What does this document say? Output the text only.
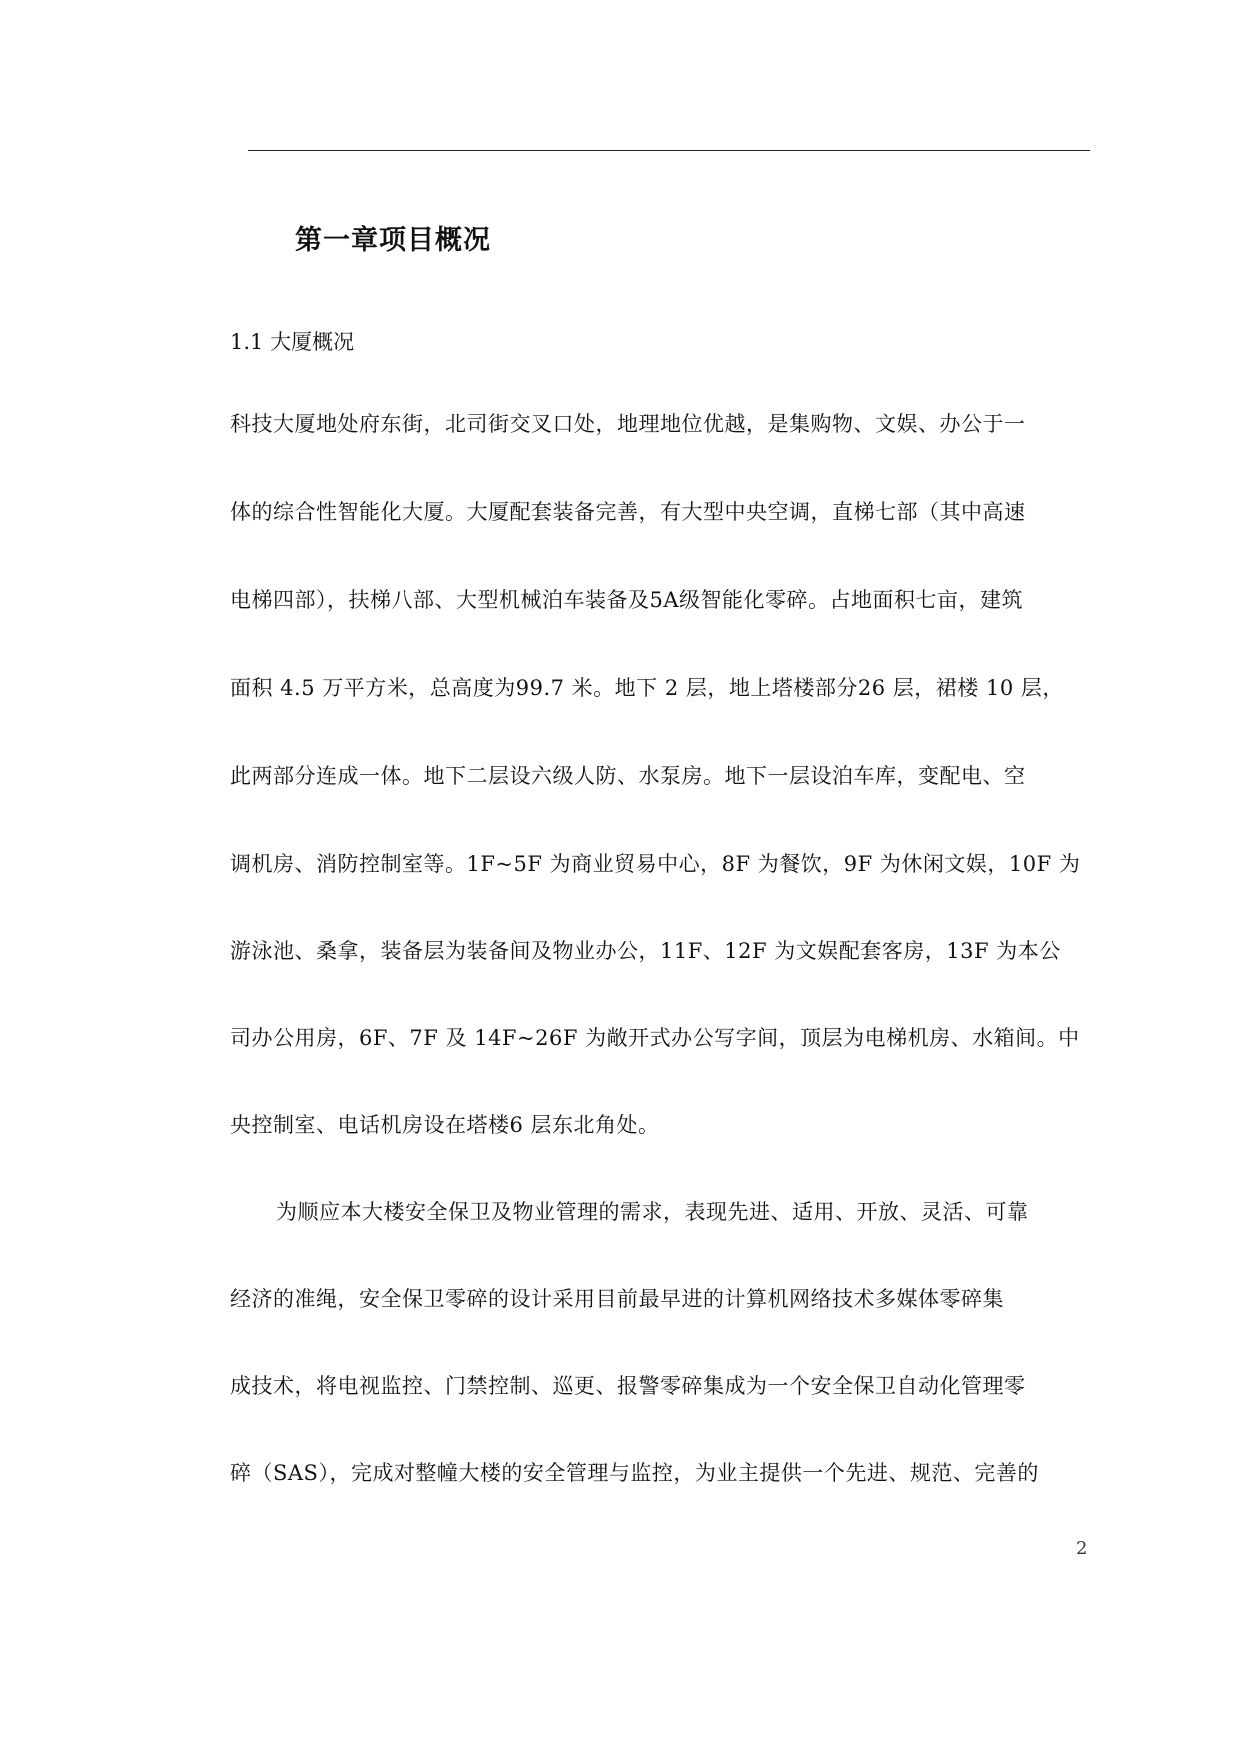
第一章项目概况
1.1 大厦概况
科技大厦地处府东街，北司街交叉口处，地理地位优越，是集购物、文娱、办公于一
体的综合性智能化大厦。大厦配套装备完善，有大型中央空调，直梯七部（其中高速
电梯四部），扶梯八部、大型机械泊车装备及5A级智能化零碎。占地面积七亩，建筑
面积 4.5 万平方米，总高度为99.7 米。地下 2 层，地上塔楼部分26 层，裙楼 10 层，
此两部分连成一体。地下二层设六级人防、水泵房。地下一层设泊车库，变配电、空
调机房、消防控制室等。1F~5F 为商业贸易中心，8F 为餐饮，9F 为休闲文娱，10F 为
游泳池、桑拿，装备层为装备间及物业办公，11F、12F 为文娱配套客房，13F 为本公
司办公用房，6F、7F 及 14F~26F 为敞开式办公写字间，顶层为电梯机房、水箱间。中
央控制室、电话机房设在塔楼6 层东北角处。
为顺应本大楼安全保卫及物业管理的需求，表现先进、适用、开放、灵活、可靠
经济的准绳，安全保卫零碎的设计采用目前最早进的计算机网络技术多媒体零碎集
成技术，将电视监控、门禁控制、巡更、报警零碎集成为一个安全保卫自动化管理零
碎（SAS），完成对整幢大楼的安全管理与监控，为业主提供一个先进、规范、完善的
2
